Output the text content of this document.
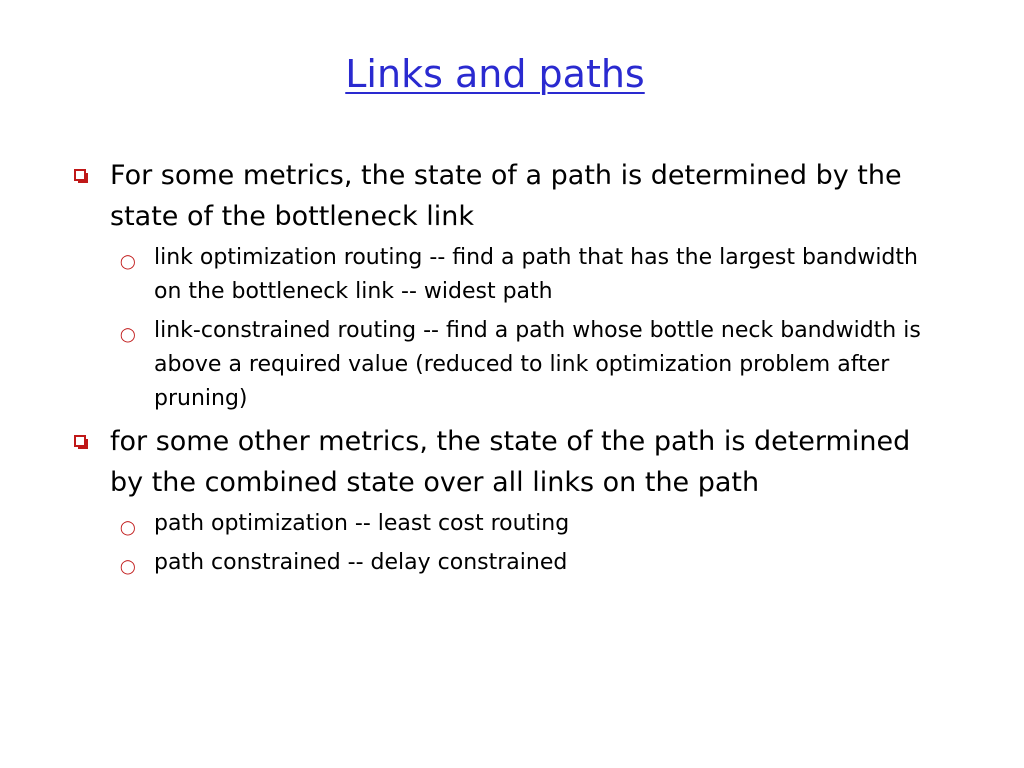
Links and paths
For some metrics, the state of a path is determined by the state of the bottleneck link
◯ link optimization routing -- find a path that has the largest bandwidth on the bottleneck link -- widest path
◯ link-constrained routing -- find a path whose bottle neck bandwidth is above a required value (reduced to link optimization problem after pruning)
for some other metrics, the state of the path is determined by the combined state over all links on the path
◯ path optimization -- least cost routing
◯ path constrained -- delay constrained
